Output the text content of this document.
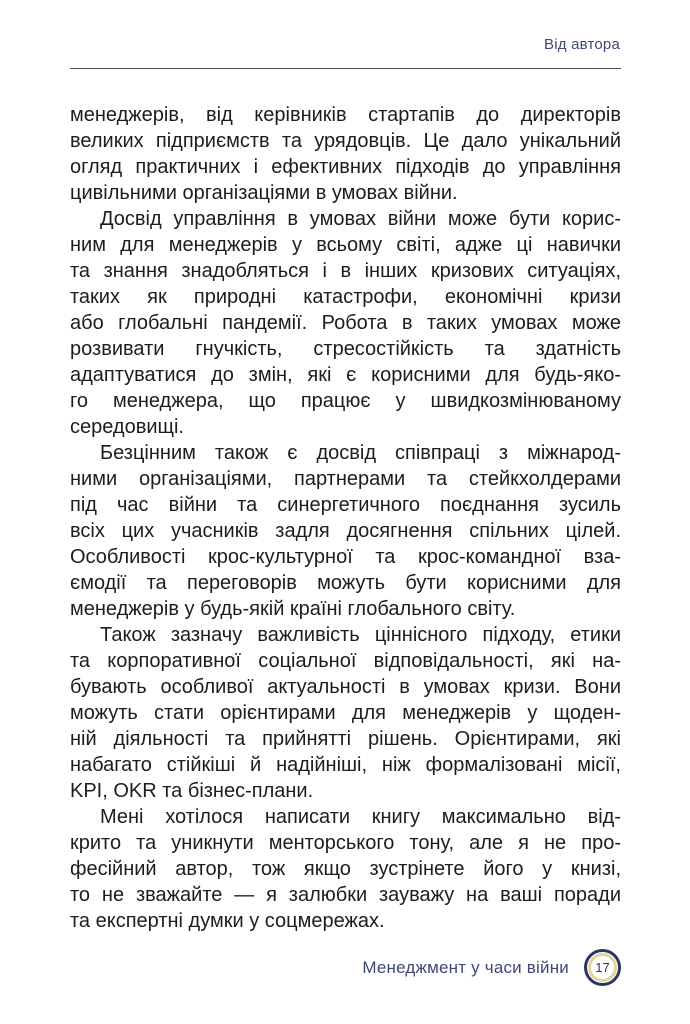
Від автора
менеджерів, від керівників стартапів до директорів
великих підприємств та урядовців. Це дало унікальний
огляд практичних і ефективних підходів до управління
цивільними організаціями в умовах війни.
Досвід управління в умовах війни може бути корис-
ним для менеджерів у всьому світі, адже ці навички
та знання знадобляться і в інших кризових ситуаціях,
таких як природні катастрофи, економічні кризи
або глобальні пандемії. Робота в таких умовах може
розвивати гнучкість, стресостійкість та здатність
адаптуватися до змін, які є корисними для будь-яко-
го менеджера, що працює у швидкозмінюваному
середовищі.
Безцінним також є досвід співпраці з міжнарод-
ними організаціями, партнерами та стейкхолдерами
під час війни та синергетичного поєднання зусиль
всіх цих учасників задля досягнення спільних цілей.
Особливості крос-культурної та крос-командної вза-
ємодії та переговорів можуть бути корисними для
менеджерів у будь-якій країні глобального світу.
Також зазначу важливість ціннісного підходу, етики
та корпоративної соціальної відповідальності, які на-
бувають особливої актуальності в умовах кризи. Вони
можуть стати орієнтирами для менеджерів у щоден-
ній діяльності та прийнятті рішень. Орієнтирами, які
набагато стійкіші й надійніші, ніж формалізовані місії,
KPI, OKR та бізнес-плани.
Мені хотілося написати книгу максимально від-
крито та уникнути менторського тону, але я не про-
фесійний автор, тож якщо зустрінете його у книзі,
то не зважайте — я залюбки зауважу на ваші поради
та експертні думки у соцмережах.
Менеджмент у часи війни 17
